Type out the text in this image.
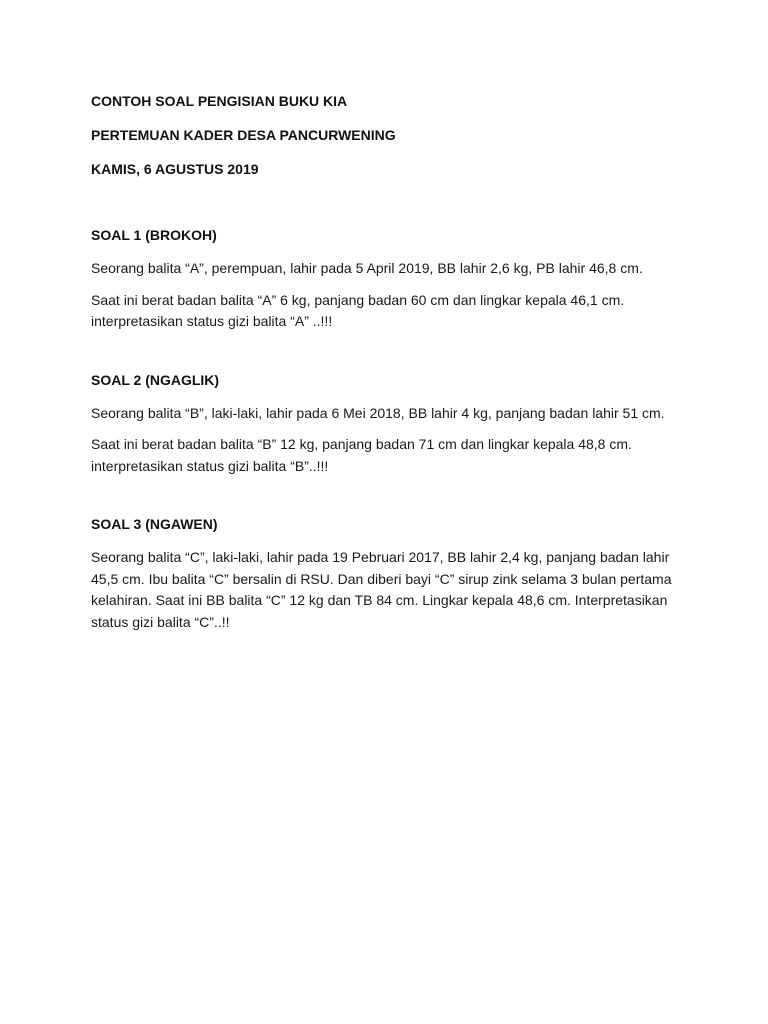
CONTOH SOAL PENGISIAN BUKU KIA

PERTEMUAN KADER DESA PANCURWENING

KAMIS, 6 AGUSTUS 2019

SOAL 1 (BROKOH)

Seorang balita “A”, perempuan, lahir pada 5 April 2019, BB lahir 2,6 kg, PB lahir 46,8 cm.

Saat ini berat badan balita “A” 6 kg, panjang badan 60 cm dan lingkar kepala 46,1 cm. interpretasikan status gizi balita “A” ..!!!

SOAL 2 (NGAGLIK)

Seorang balita “B”, laki-laki, lahir pada 6 Mei 2018, BB lahir 4 kg, panjang badan lahir 51 cm.

Saat ini berat badan balita “B” 12 kg, panjang badan 71 cm dan lingkar kepala 48,8 cm. interpretasikan status gizi balita “B”..!!!

SOAL 3 (NGAWEN)

Seorang balita “C”, laki-laki, lahir pada 19 Pebruari 2017, BB lahir 2,4 kg, panjang badan lahir 45,5 cm. Ibu balita “C” bersalin di RSU. Dan diberi bayi “C” sirup zink selama 3 bulan pertama kelahiran. Saat ini BB balita “C” 12 kg dan TB 84 cm. Lingkar kepala 48,6 cm. Interpretasikan status gizi balita “C”..!!
